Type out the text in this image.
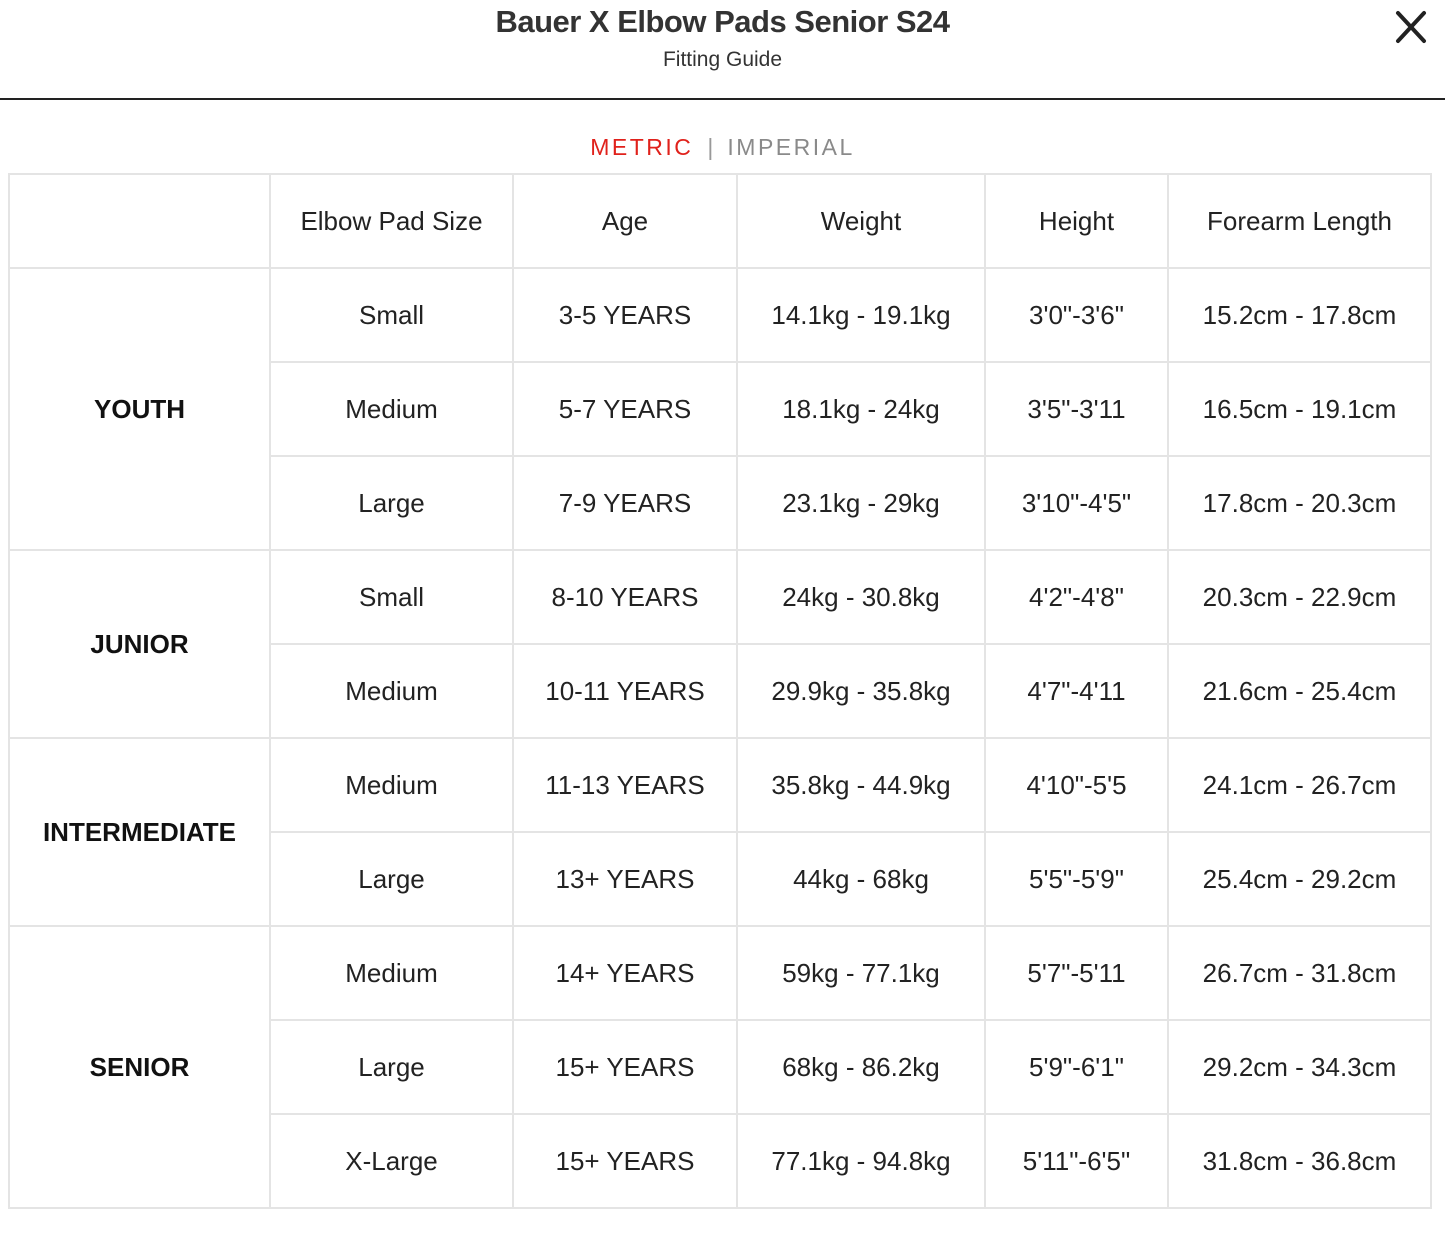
Bauer X Elbow Pads Senior S24
Fitting Guide
METRIC | IMPERIAL
	Elbow Pad Size	Age	Weight	Height	Forearm Length
YOUTH	Small	3-5 YEARS	14.1kg - 19.1kg	3'0"-3'6"	15.2cm - 17.8cm
	Medium	5-7 YEARS	18.1kg - 24kg	3'5"-3'11	16.5cm - 19.1cm
	Large	7-9 YEARS	23.1kg - 29kg	3'10"-4'5"	17.8cm - 20.3cm
JUNIOR	Small	8-10 YEARS	24kg - 30.8kg	4'2"-4'8"	20.3cm - 22.9cm
	Medium	10-11 YEARS	29.9kg - 35.8kg	4'7"-4'11	21.6cm - 25.4cm
INTERMEDIATE	Medium	11-13 YEARS	35.8kg - 44.9kg	4'10"-5'5	24.1cm - 26.7cm
	Large	13+ YEARS	44kg - 68kg	5'5"-5'9"	25.4cm - 29.2cm
SENIOR	Medium	14+ YEARS	59kg - 77.1kg	5'7"-5'11	26.7cm - 31.8cm
	Large	15+ YEARS	68kg - 86.2kg	5'9"-6'1"	29.2cm - 34.3cm
	X-Large	15+ YEARS	77.1kg - 94.8kg	5'11"-6'5"	31.8cm - 36.8cm
